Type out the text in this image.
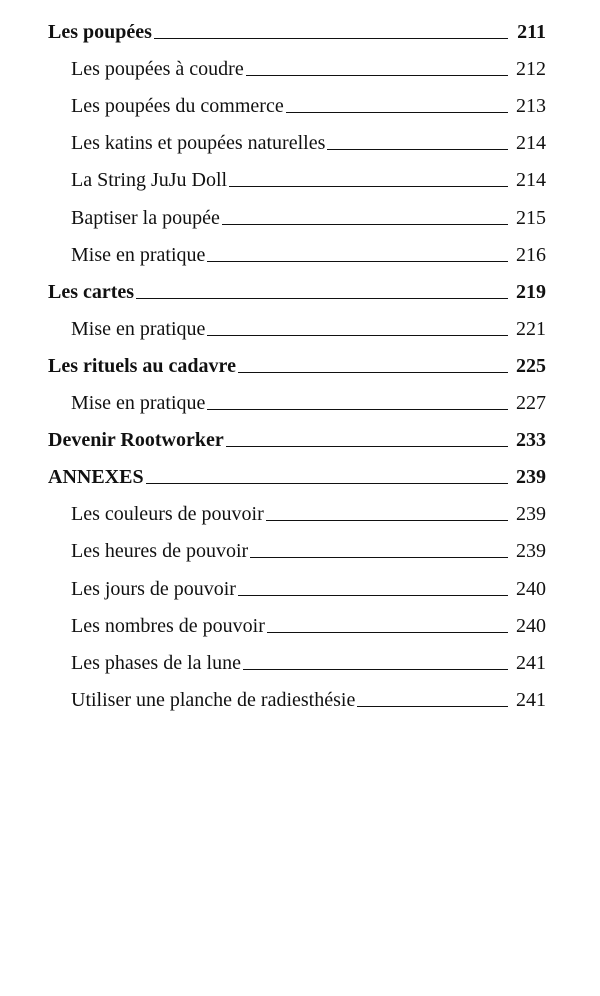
Les poupées	211
Les poupées à coudre	212
Les poupées du commerce	213
Les katins et poupées naturelles	214
La String JuJu Doll	214
Baptiser la poupée	215
Mise en pratique	216
Les cartes	219
Mise en pratique	221
Les rituels au cadavre	225
Mise en pratique	227
Devenir Rootworker	233
ANNEXES	239
Les couleurs de pouvoir	239
Les heures de pouvoir	239
Les jours de pouvoir	240
Les nombres de pouvoir	240
Les phases de la lune	241
Utiliser une planche de radiesthésie	241
